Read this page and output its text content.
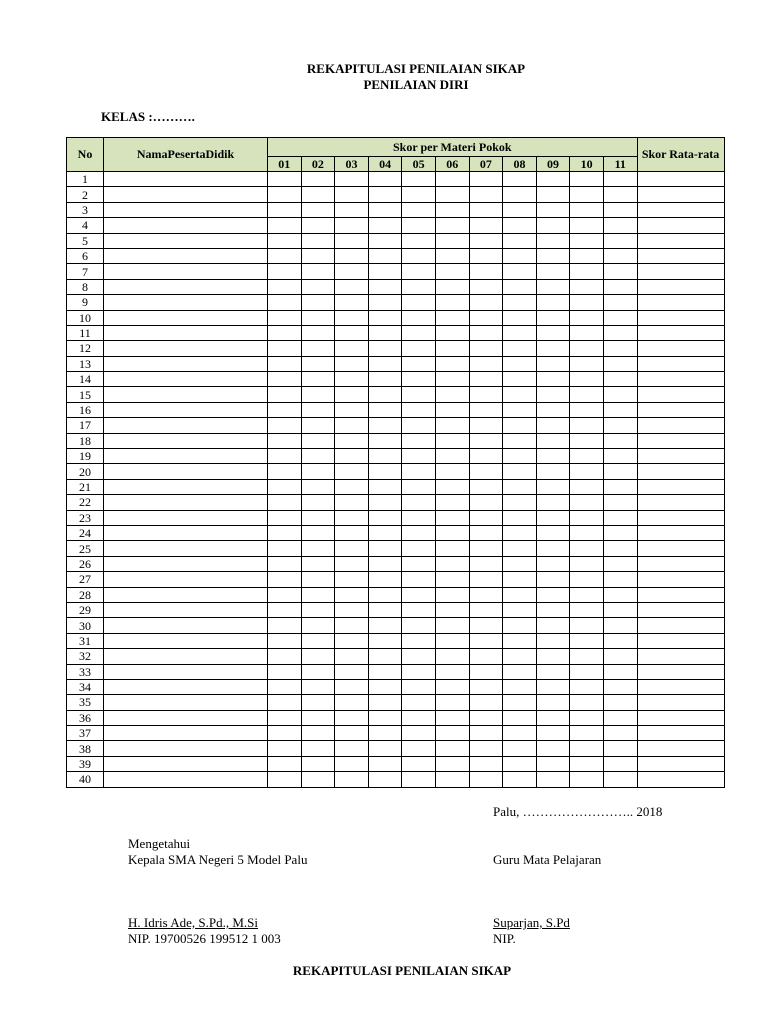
REKAPITULASI PENILAIAN SIKAP
PENILAIAN DIRI
KELAS :……….
No	NamaPesertaDidik	Skor per Materi Pokok											Skor Rata-rata
		01	02	03	04	05	06	07	08	09	10	11	
1													
2													
3													
4													
5													
6													
7													
8													
9													
10													
11													
12													
13													
14													
15													
16													
17													
18													
19													
20													
21													
22													
23													
24													
25													
26													
27													
28													
29													
30													
31													
32													
33													
34													
35													
36													
37													
38													
39													
40													
Palu, …………………….. 2018
Mengetahui
Kepala SMA Negeri 5 Model Palu	Guru Mata Pelajaran
H. Idris Ade, S.Pd., M.Si
NIP. 19700526 199512 1 003
Suparjan, S.Pd
NIP.
REKAPITULASI PENILAIAN SIKAP
